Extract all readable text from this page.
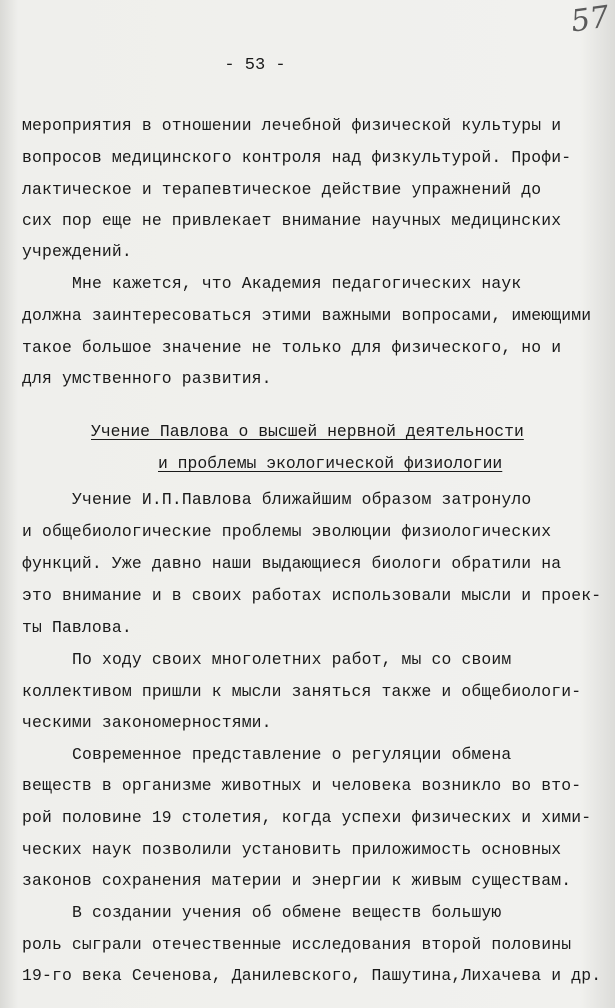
57
- 53 -
мероприятия в отношении лечебной физической культуры и
вопросов медицинского контроля над физкультурой. Профи-
лактическое и терапевтическое действие упражнений до
сих пор еще не привлекает внимание научных медицинских
учреждений.
Мне кажется, что Академия педагогических наук
должна заинтересоваться этими важными вопросами, имеющими
такое большое значение не только для физического, но и
для умственного развития.
Учение Павлова о высшей нервной деятельности
и проблемы экологической физиологии
Учение И.П.Павлова ближайшим образом затронуло
и общебиологические проблемы эволюции физиологических
функций. Уже давно наши выдающиеся биологи обратили на
это внимание и в своих работах использовали мысли и проек-
ты Павлова.
По ходу своих многолетних работ, мы со своим
коллективом пришли к мысли заняться также и общебиологи-
ческими закономерностями.
Современное представление о регуляции обмена
веществ в организме животных и человека возникло во вто-
рой половине 19 столетия, когда успехи физических и хими-
ческих наук позволили установить приложимость основных
законов сохранения материи и энергии к живым существам.
В создании учения об обмене веществ большую
роль сыграли отечественные исследования второй половины
19-го века Сеченова, Данилевского, Пашутина,Лихачева и др.
